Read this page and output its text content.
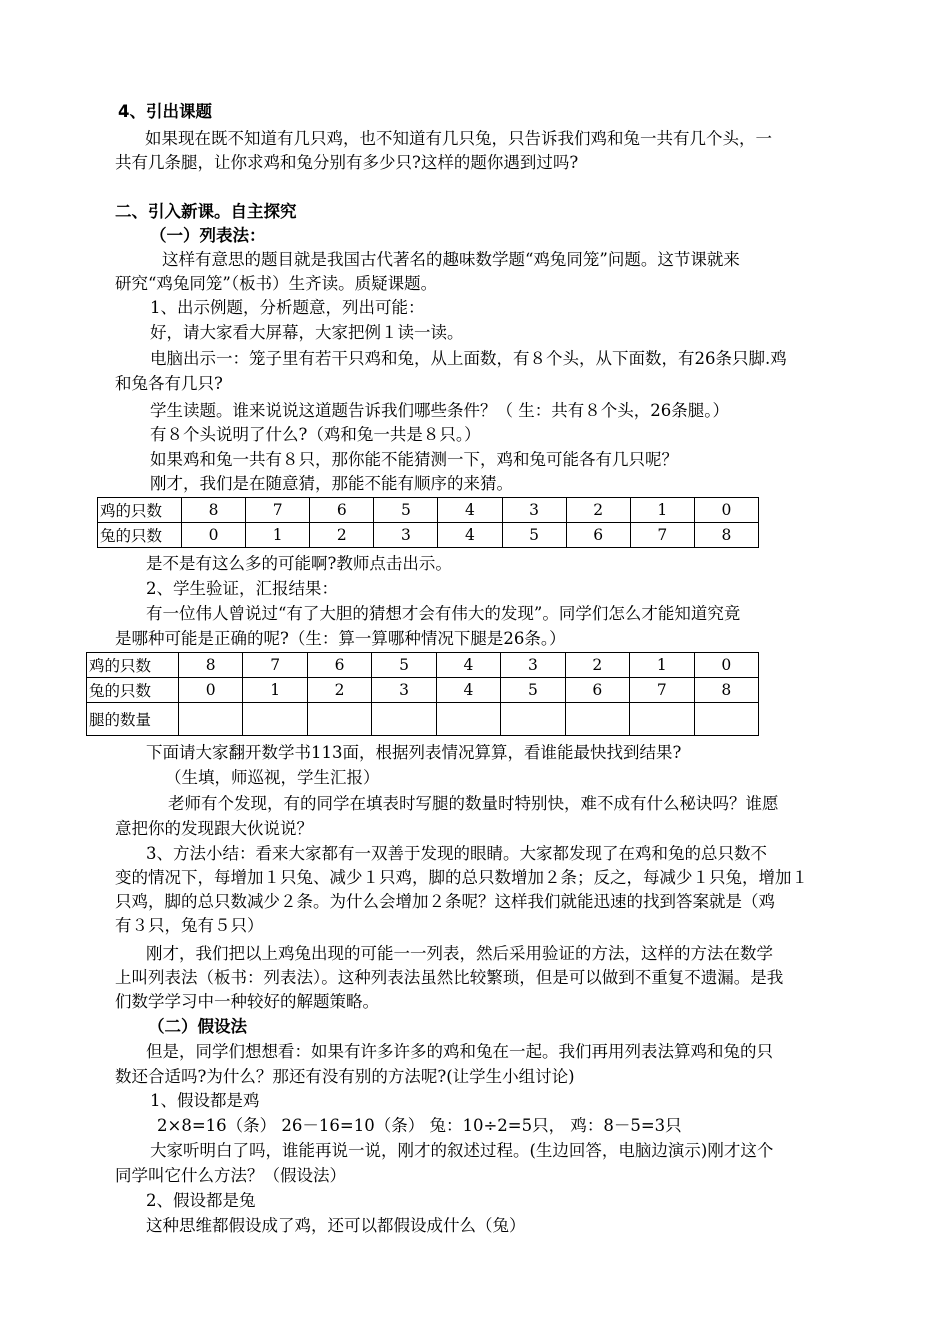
4、引出课题
如果现在既不知道有几只鸡，也不知道有几只兔，只告诉我们鸡和兔一共有几个头，一
共有几条腿，让你求鸡和兔分别有多少只?这样的题你遇到过吗?
二、引入新课。自主探究
（一）列表法：
这样有意思的题目就是我国古代著名的趣味数学题“鸡兔同笼”问题。这节课就来
研究“鸡兔同笼”（板书）生齐读。质疑课题。
1、出示例题，分析题意，列出可能：
好，请大家看大屏幕，大家把例１读一读。
电脑出示一：笼子里有若干只鸡和兔，从上面数，有８个头，从下面数，有26条只脚.鸡
和兔各有几只?
学生读题。谁来说说这道题告诉我们哪些条件？（ 生：共有８个头，26条腿。）
有８个头说明了什么?（鸡和兔一共是８只。）
如果鸡和兔一共有８只，那你能不能猜测一下，鸡和兔可能各有几只呢？
刚才，我们是在随意猜，那能不能有顺序的来猜。
鸡的只数	8	7	6	5	4	3	2	1	0
兔的只数	0	1	2	3	4	5	6	7	8
是不是有这么多的可能啊?教师点击出示。
2、学生验证，汇报结果：
有一位伟人曾说过“有了大胆的猜想才会有伟大的发现”。同学们怎么才能知道究竟
是哪种可能是正确的呢?（生：算一算哪种情况下腿是26条。）
鸡的只数	8	7	6	5	4	3	2	1	0
兔的只数	0	1	2	3	4	5	6	7	8
腿的数量									
下面请大家翻开数学书113面，根据列表情况算算，看谁能最快找到结果?
（生填，师巡视，学生汇报）
老师有个发现，有的同学在填表时写腿的数量时特别快，难不成有什么秘诀吗？谁愿
意把你的发现跟大伙说说？
3、方法小结：看来大家都有一双善于发现的眼睛。大家都发现了在鸡和兔的总只数不
变的情况下，每增加１只兔、减少１只鸡，脚的总只数增加２条；反之，每减少１只兔，增加１
只鸡，脚的总只数减少２条。为什么会增加２条呢？这样我们就能迅速的找到答案就是（鸡
有３只，兔有５只）
刚才，我们把以上鸡兔出现的可能一一列表，然后采用验证的方法，这样的方法在数学
上叫列表法（板书：列表法）。这种列表法虽然比较繁琐，但是可以做到不重复不遗漏。是我
们数学学习中一种较好的解题策略。
（二）假设法
但是，同学们想想看：如果有许多许多的鸡和兔在一起。我们再用列表法算鸡和兔的只
数还合适吗?为什么？那还有没有别的方法呢?(让学生小组讨论)
1、假设都是鸡
2×8=16（条） 26－16=10（条） 兔：10÷2=5只， 鸡：8－5=3只
大家听明白了吗，谁能再说一说，刚才的叙述过程。(生边回答，电脑边演示)刚才这个
同学叫它什么方法？（假设法）
2、假设都是兔
这种思维都假设成了鸡，还可以都假设成什么（兔）
